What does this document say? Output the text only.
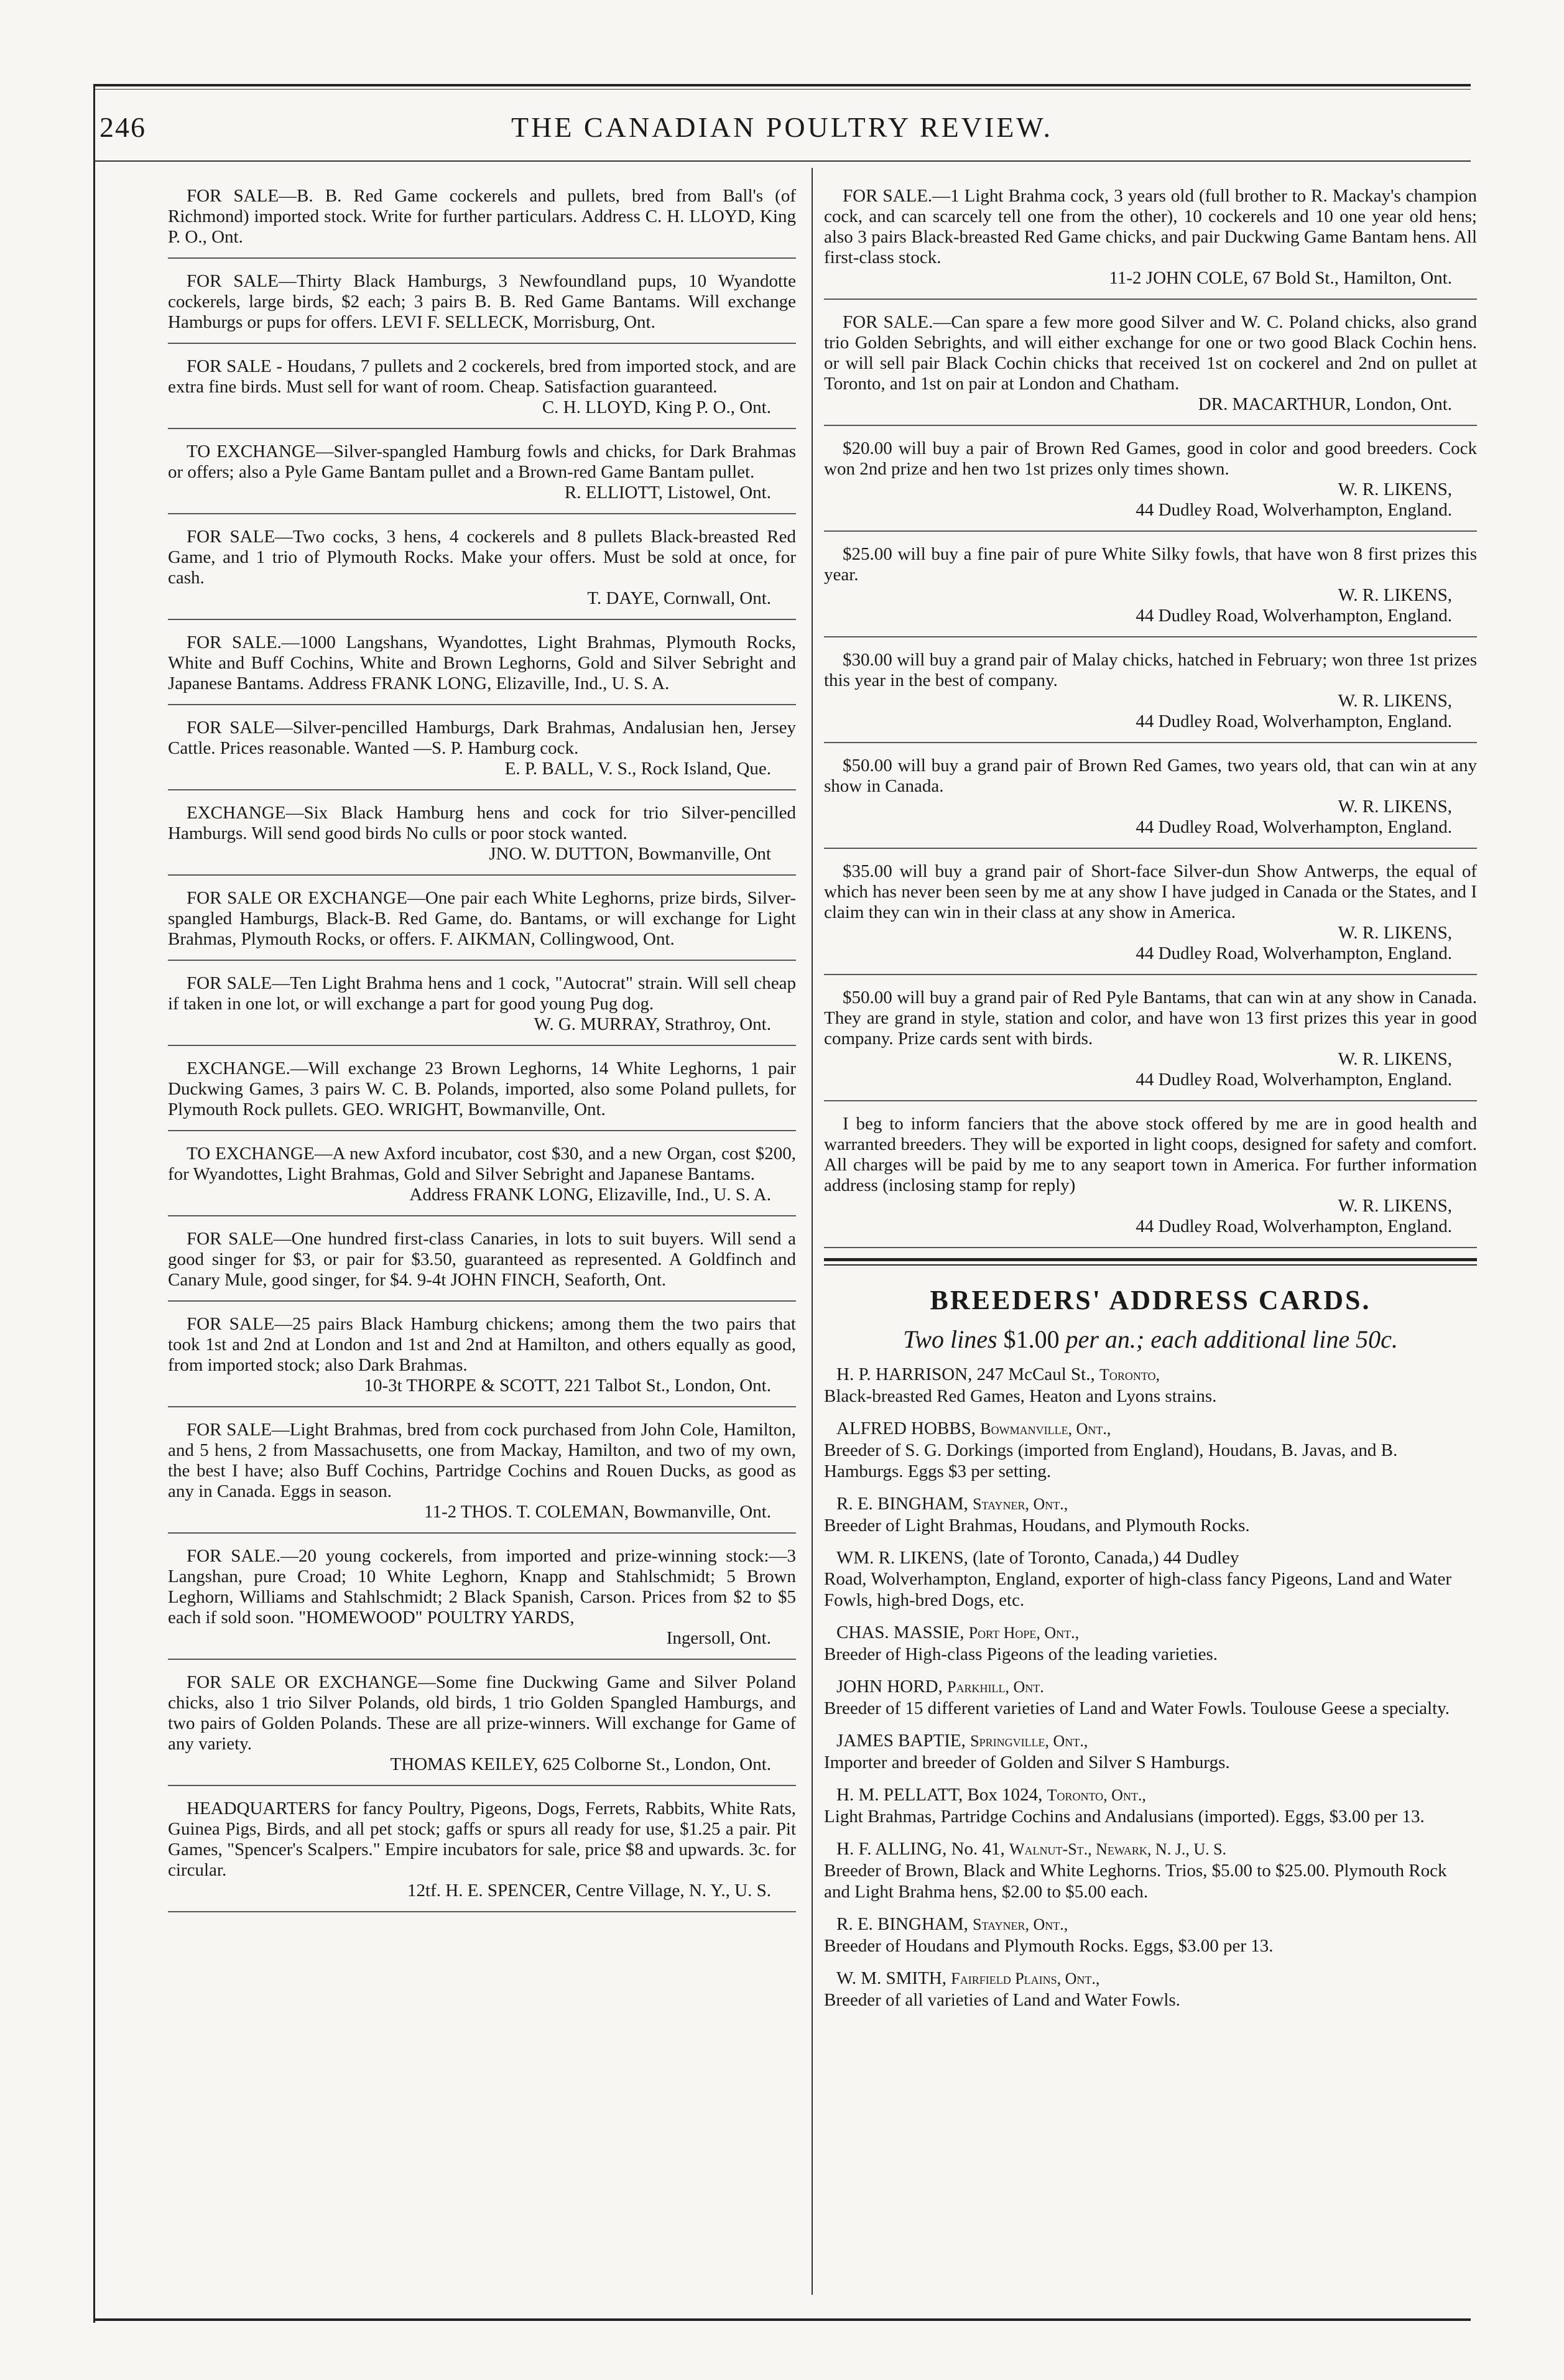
246	THE CANADIAN POULTRY REVIEW.
FOR SALE—B. B. Red Game cockerels and pullets, bred from Ball's (of Richmond) imported stock. Write for further particulars. Address C. H. LLOYD, King P. O., Ont.
FOR SALE—Thirty Black Hamburgs, 3 Newfoundland pups, 10 Wyandotte cockerels, large birds, $2 each; 3 pairs B. B. Red Game Bantams. Will exchange Hamburgs or pups for offers. LEVI F. SELLECK, Morrisburg, Ont.
FOR SALE - Houdans, 7 pullets and 2 cockerels, bred from imported stock, and are extra fine birds. Must sell for want of room. Cheap. Satisfaction guaranteed.
C. H. LLOYD, King P. O., Ont.
TO EXCHANGE—Silver-spangled Hamburg fowls and chicks, for Dark Brahmas or offers; also a Pyle Game Bantam pullet and a Brown-red Game Bantam pullet.
R. ELLIOTT, Listowel, Ont.
FOR SALE—Two cocks, 3 hens, 4 cockerels and 8 pullets Black-breasted Red Game, and 1 trio of Plymouth Rocks. Make your offers. Must be sold at once, for cash.
T. DAYE, Cornwall, Ont.
FOR SALE.—1000 Langshans, Wyandottes, Light Brahmas, Plymouth Rocks, White and Buff Cochins, White and Brown Leghorns, Gold and Silver Sebright and Japanese Bantams. Address FRANK LONG, Elizaville, Ind., U. S. A.
FOR SALE—Silver-pencilled Hamburgs, Dark Brahmas, Andalusian hen, Jersey Cattle. Prices reasonable. Wanted —S. P. Hamburg cock.
E. P. BALL, V. S., Rock Island, Que.
EXCHANGE—Six Black Hamburg hens and cock for trio Silver-pencilled Hamburgs. Will send good birds No culls or poor stock wanted.
JNO. W. DUTTON, Bowmanville, Ont
FOR SALE OR EXCHANGE—One pair each White Leghorns, prize birds, Silver-spangled Hamburgs, Black-B. Red Game, do. Bantams, or will exchange for Light Brahmas, Plymouth Rocks, or offers. F. AIKMAN, Collingwood, Ont.
FOR SALE—Ten Light Brahma hens and 1 cock, "Autocrat" strain. Will sell cheap if taken in one lot, or will exchange a part for good young Pug dog.
W. G. MURRAY, Strathroy, Ont.
EXCHANGE.—Will exchange 23 Brown Leghorns, 14 White Leghorns, 1 pair Duckwing Games, 3 pairs W. C. B. Polands, imported, also some Poland pullets, for Plymouth Rock pullets. GEO. WRIGHT, Bowmanville, Ont.
TO EXCHANGE—A new Axford incubator, cost $30, and a new Organ, cost $200, for Wyandottes, Light Brahmas, Gold and Silver Sebright and Japanese Bantams.
Address FRANK LONG, Elizaville, Ind., U. S. A.
FOR SALE—One hundred first-class Canaries, in lots to suit buyers. Will send a good singer for $3, or pair for $3.50, guaranteed as represented. A Goldfinch and Canary Mule, good singer, for $4. 9-4t JOHN FINCH, Seaforth, Ont.
FOR SALE—25 pairs Black Hamburg chickens; among them the two pairs that took 1st and 2nd at London and 1st and 2nd at Hamilton, and others equally as good, from imported stock; also Dark Brahmas.
10-3t THORPE & SCOTT, 221 Talbot St., London, Ont.
FOR SALE—Light Brahmas, bred from cock purchased from John Cole, Hamilton, and 5 hens, 2 from Massachusetts, one from Mackay, Hamilton, and two of my own, the best I have; also Buff Cochins, Partridge Cochins and Rouen Ducks, as good as any in Canada. Eggs in season.
11-2 THOS. T. COLEMAN, Bowmanville, Ont.
FOR SALE.—20 young cockerels, from imported and prize-winning stock:—3 Langshan, pure Croad; 10 White Leghorn, Knapp and Stahlschmidt; 5 Brown Leghorn, Williams and Stahlschmidt; 2 Black Spanish, Carson. Prices from $2 to $5 each if sold soon. "HOMEWOOD" POULTRY YARDS,
Ingersoll, Ont.
FOR SALE OR EXCHANGE—Some fine Duckwing Game and Silver Poland chicks, also 1 trio Silver Polands, old birds, 1 trio Golden Spangled Hamburgs, and two pairs of Golden Polands. These are all prize-winners. Will exchange for Game of any variety.
THOMAS KEILEY, 625 Colborne St., London, Ont.
HEADQUARTERS for fancy Poultry, Pigeons, Dogs, Ferrets, Rabbits, White Rats, Guinea Pigs, Birds, and all pet stock; gaffs or spurs all ready for use, $1.25 a pair. Pit Games, "Spencer's Scalpers." Empire incubators for sale, price $8 and upwards. 3c. for circular.
12tf. H. E. SPENCER, Centre Village, N. Y., U. S.
FOR SALE.—1 Light Brahma cock, 3 years old (full brother to R. Mackay's champion cock, and can scarcely tell one from the other), 10 cockerels and 10 one year old hens; also 3 pairs Black-breasted Red Game chicks, and pair Duckwing Game Bantam hens. All first-class stock.
11-2 JOHN COLE, 67 Bold St., Hamilton, Ont.
FOR SALE.—Can spare a few more good Silver and W. C. Poland chicks, also grand trio Golden Sebrights, and will either exchange for one or two good Black Cochin hens. or will sell pair Black Cochin chicks that received 1st on cockerel and 2nd on pullet at Toronto, and 1st on pair at London and Chatham.
DR. MACARTHUR, London, Ont.
$20.00 will buy a pair of Brown Red Games, good in color and good breeders. Cock won 2nd prize and hen two 1st prizes only times shown.
W. R. LIKENS,
44 Dudley Road, Wolverhampton, England.
$25.00 will buy a fine pair of pure White Silky fowls, that have won 8 first prizes this year.
W. R. LIKENS,
44 Dudley Road, Wolverhampton, England.
$30.00 will buy a grand pair of Malay chicks, hatched in February; won three 1st prizes this year in the best of company.
W. R. LIKENS,
44 Dudley Road, Wolverhampton, England.
$50.00 will buy a grand pair of Brown Red Games, two years old, that can win at any show in Canada.
W. R. LIKENS,
44 Dudley Road, Wolverhampton, England.
$35.00 will buy a grand pair of Short-face Silver-dun Show Antwerps, the equal of which has never been seen by me at any show I have judged in Canada or the States, and I claim they can win in their class at any show in America.
W. R. LIKENS,
44 Dudley Road, Wolverhampton, England.
$50.00 will buy a grand pair of Red Pyle Bantams, that can win at any show in Canada. They are grand in style, station and color, and have won 13 first prizes this year in good company. Prize cards sent with birds.
W. R. LIKENS,
44 Dudley Road, Wolverhampton, England.
I beg to inform fanciers that the above stock offered by me are in good health and warranted breeders. They will be exported in light coops, designed for safety and comfort. All charges will be paid by me to any seaport town in America. For further information address (inclosing stamp for reply)
W. R. LIKENS,
44 Dudley Road, Wolverhampton, England.
BREEDERS' ADDRESS CARDS.
Two lines $1.00 per an.; each additional line 50c.
H. P. HARRISON, 247 McCaul St., Toronto,
Black-breasted Red Games, Heaton and Lyons strains.
ALFRED HOBBS, Bowmanville, Ont.,
Breeder of S. G. Dorkings (imported from England), Houdans, B. Javas, and B. Hamburgs. Eggs $3 per setting.
R. E. BINGHAM, Stayner, Ont.,
Breeder of Light Brahmas, Houdans, and Plymouth Rocks.
WM. R. LIKENS, (late of Toronto, Canada,) 44 Dudley
Road, Wolverhampton, England, exporter of high-class fancy Pigeons, Land and Water Fowls, high-bred Dogs, etc.
CHAS. MASSIE, Port Hope, Ont.,
Breeder of High-class Pigeons of the leading varieties.
JOHN HORD, Parkhill, Ont.
Breeder of 15 different varieties of Land and Water Fowls. Toulouse Geese a specialty.
JAMES BAPTIE, Springville, Ont.,
Importer and breeder of Golden and Silver S Hamburgs.
H. M. PELLATT, Box 1024, Toronto, Ont.,
Light Brahmas, Partridge Cochins and Andalusians (imported). Eggs, $3.00 per 13.
H. F. ALLING, No. 41, Walnut-St., Newark, N. J., U. S.
Breeder of Brown, Black and White Leghorns. Trios, $5.00 to $25.00. Plymouth Rock and Light Brahma hens, $2.00 to $5.00 each.
R. E. BINGHAM, Stayner, Ont.,
Breeder of Houdans and Plymouth Rocks. Eggs, $3.00 per 13.
W. M. SMITH, Fairfield Plains, Ont.,
Breeder of all varieties of Land and Water Fowls.
